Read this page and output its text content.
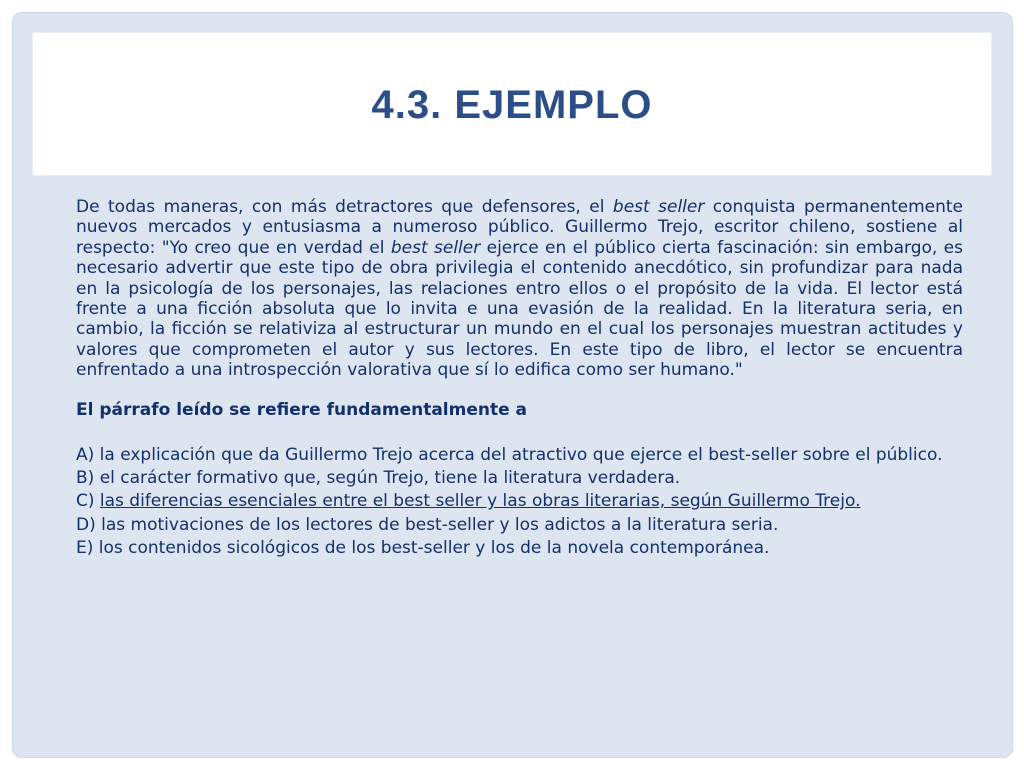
4.3. EJEMPLO

De todas maneras, con más detractores que defensores, el best seller conquista permanentemente nuevos mercados y entusiasma a numeroso público. Guillermo Trejo, escritor chileno, sostiene al respecto: "Yo creo que en verdad el best seller ejerce en el público cierta fascinación: sin embargo, es necesario advertir que este tipo de obra privilegia el contenido anecdótico, sin profundizar para nada en la psicología de los personajes, las relaciones entro ellos o el propósito de la vida. El lector está frente a una ficción absoluta que lo invita e una evasión de la realidad. En la literatura seria, en cambio, la ficción se relativiza al estructurar un mundo en el cual los personajes muestran actitudes y valores que comprometen el autor y sus lectores. En este tipo de libro, el lector se encuentra enfrentado a una introspección valorativa que sí lo edifica como ser humano."

El párrafo leído se refiere fundamentalmente a

A) la explicación que da Guillermo Trejo acerca del atractivo que ejerce el best-seller sobre el público.
B) el carácter formativo que, según Trejo, tiene la literatura verdadera.
C) las diferencias esenciales entre el best seller y las obras literarias, según Guillermo Trejo.
D) las motivaciones de los lectores de best-seller y los adictos a la literatura seria.
E) los contenidos sicológicos de los best-seller y los de la novela contemporánea.
